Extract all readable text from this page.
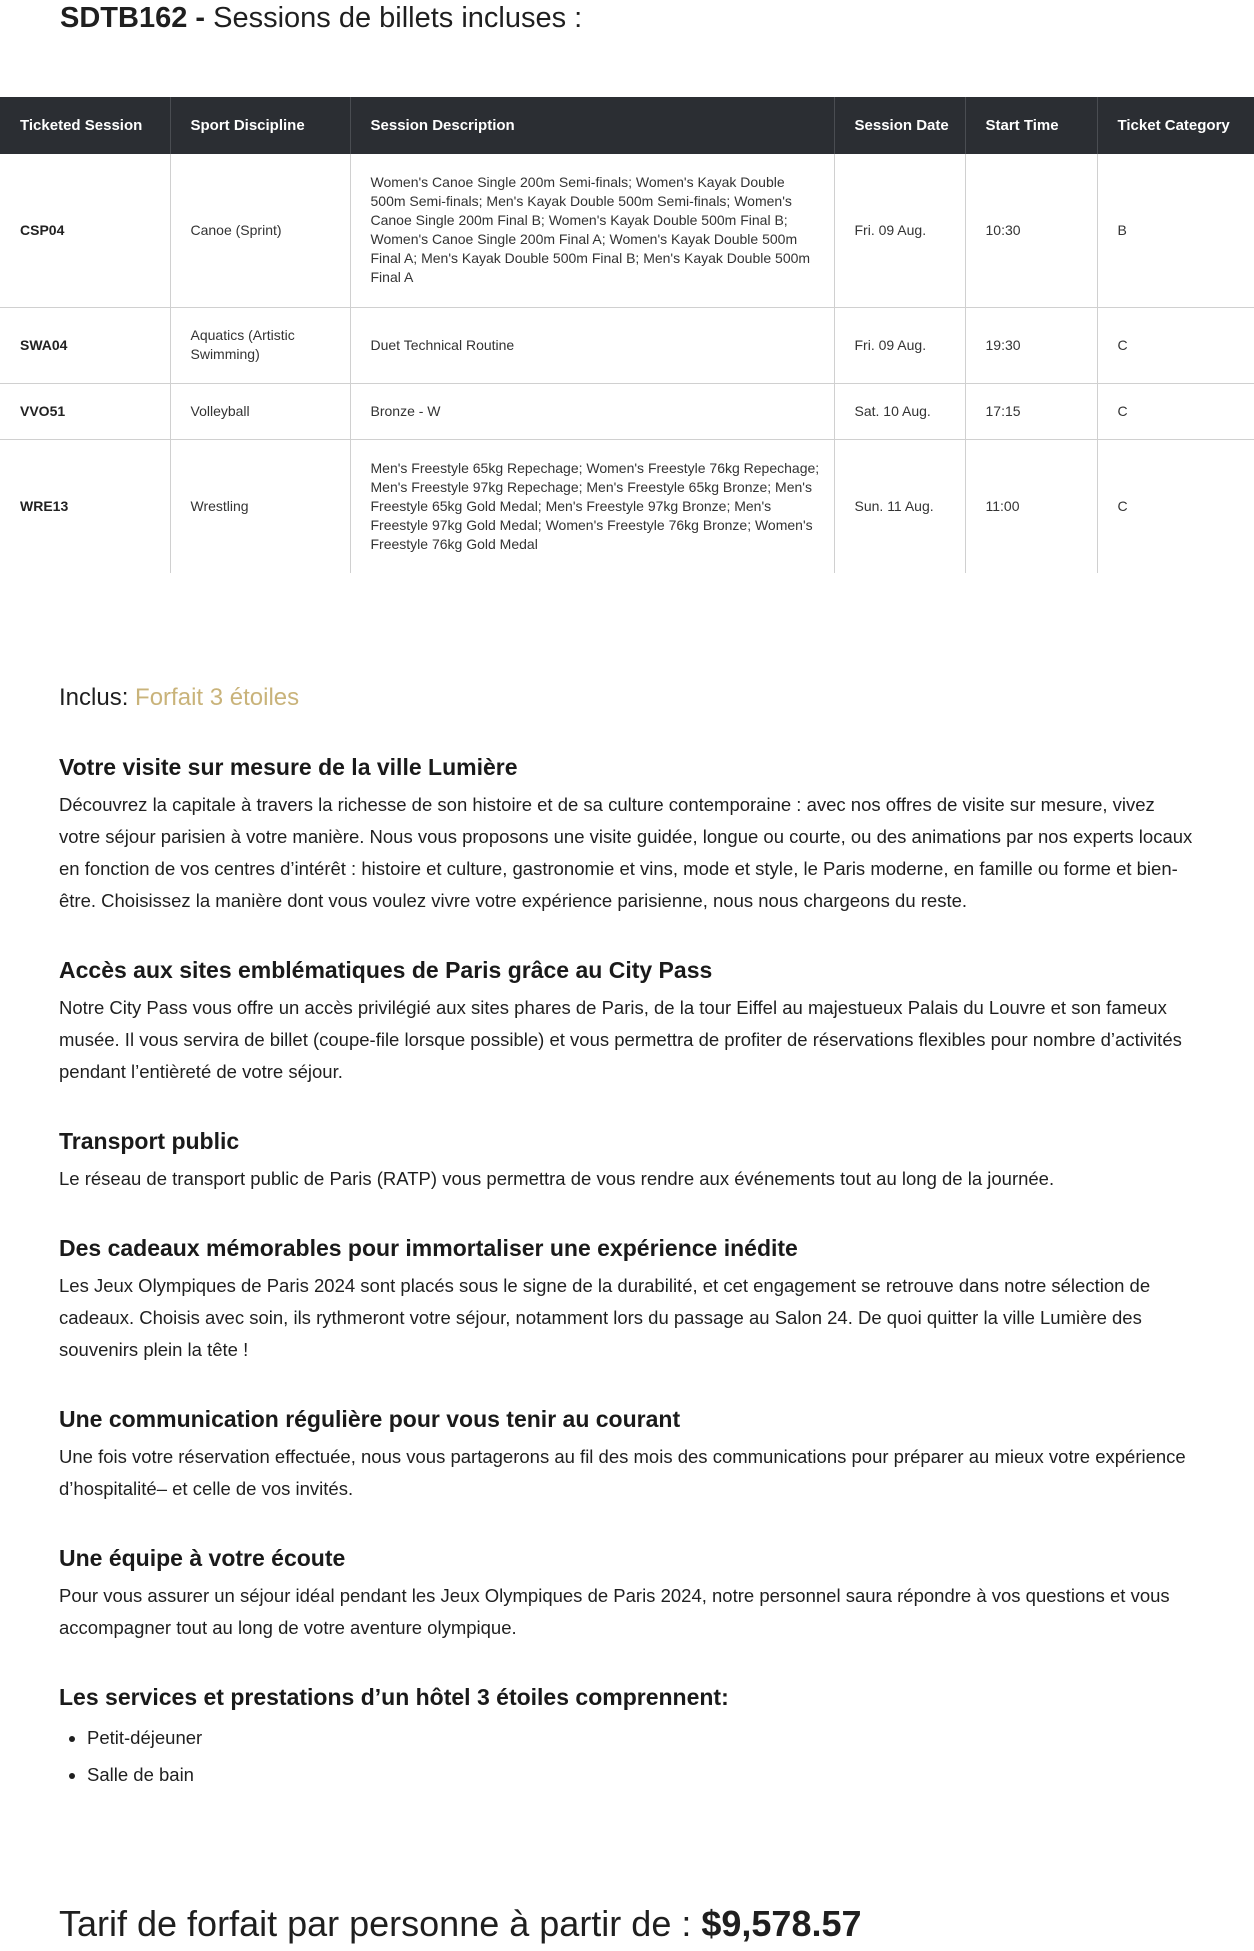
SDTB162 - Sessions de billets incluses :
Ticketed Session	Sport Discipline	Session Description	Session Date	Start Time	Ticket Category
CSP04	Canoe (Sprint)	Women's Canoe Single 200m Semi-finals; Women's Kayak Double 500m Semi-finals; Men's Kayak Double 500m Semi-finals; Women's Canoe Single 200m Final B; Women's Kayak Double 500m Final B; Women's Canoe Single 200m Final A; Women's Kayak Double 500m Final A; Men's Kayak Double 500m Final B; Men's Kayak Double 500m Final A	Fri. 09 Aug.	10:30	B
SWA04	Aquatics (Artistic Swimming)	Duet Technical Routine	Fri. 09 Aug.	19:30	C
VVO51	Volleyball	Bronze - W	Sat. 10 Aug.	17:15	C
WRE13	Wrestling	Men's Freestyle 65kg Repechage; Women's Freestyle 76kg Repechage; Men's Freestyle 97kg Repechage; Men's Freestyle 65kg Bronze; Men's Freestyle 65kg Gold Medal; Men's Freestyle 97kg Bronze; Men's Freestyle 97kg Gold Medal; Women's Freestyle 76kg Bronze; Women's Freestyle 76kg Gold Medal	Sun. 11 Aug.	11:00	C
Inclus: Forfait 3 étoiles
Votre visite sur mesure de la ville Lumière

Découvrez la capitale à travers la richesse de son histoire et de sa culture contemporaine : avec nos offres de visite sur mesure, vivez votre séjour parisien à votre manière. Nous vous proposons une visite guidée, longue ou courte, ou des animations par nos experts locaux en fonction de vos centres d’intérêt : histoire et culture, gastronomie et vins, mode et style, le Paris moderne, en famille ou forme et bien-être. Choisissez la manière dont vous voulez vivre votre expérience parisienne, nous nous chargeons du reste.

Accès aux sites emblématiques de Paris grâce au City Pass

Notre City Pass vous offre un accès privilégié aux sites phares de Paris, de la tour Eiffel au majestueux Palais du Louvre et son fameux musée. Il vous servira de billet (coupe-file lorsque possible) et vous permettra de profiter de réservations flexibles pour nombre d’activités pendant l’entièreté de votre séjour.

Transport public

Le réseau de transport public de Paris (RATP) vous permettra de vous rendre aux événements tout au long de la journée.

Des cadeaux mémorables pour immortaliser une expérience inédite

Les Jeux Olympiques de Paris 2024 sont placés sous le signe de la durabilité, et cet engagement se retrouve dans notre sélection de cadeaux. Choisis avec soin, ils rythmeront votre séjour, notamment lors du passage au Salon 24. De quoi quitter la ville Lumière des souvenirs plein la tête !

Une communication régulière pour vous tenir au courant

Une fois votre réservation effectuée, nous vous partagerons au fil des mois des communications pour préparer au mieux votre expérience d’hospitalité– et celle de vos invités.

Une équipe à votre écoute

Pour vous assurer un séjour idéal pendant les Jeux Olympiques de Paris 2024, notre personnel saura répondre à vos questions et vous accompagner tout au long de votre aventure olympique.

Les services et prestations d’un hôtel 3 étoiles comprennent:
• Petit-déjeuner
• Salle de bain
Tarif de forfait par personne à partir de : $9,578.57
